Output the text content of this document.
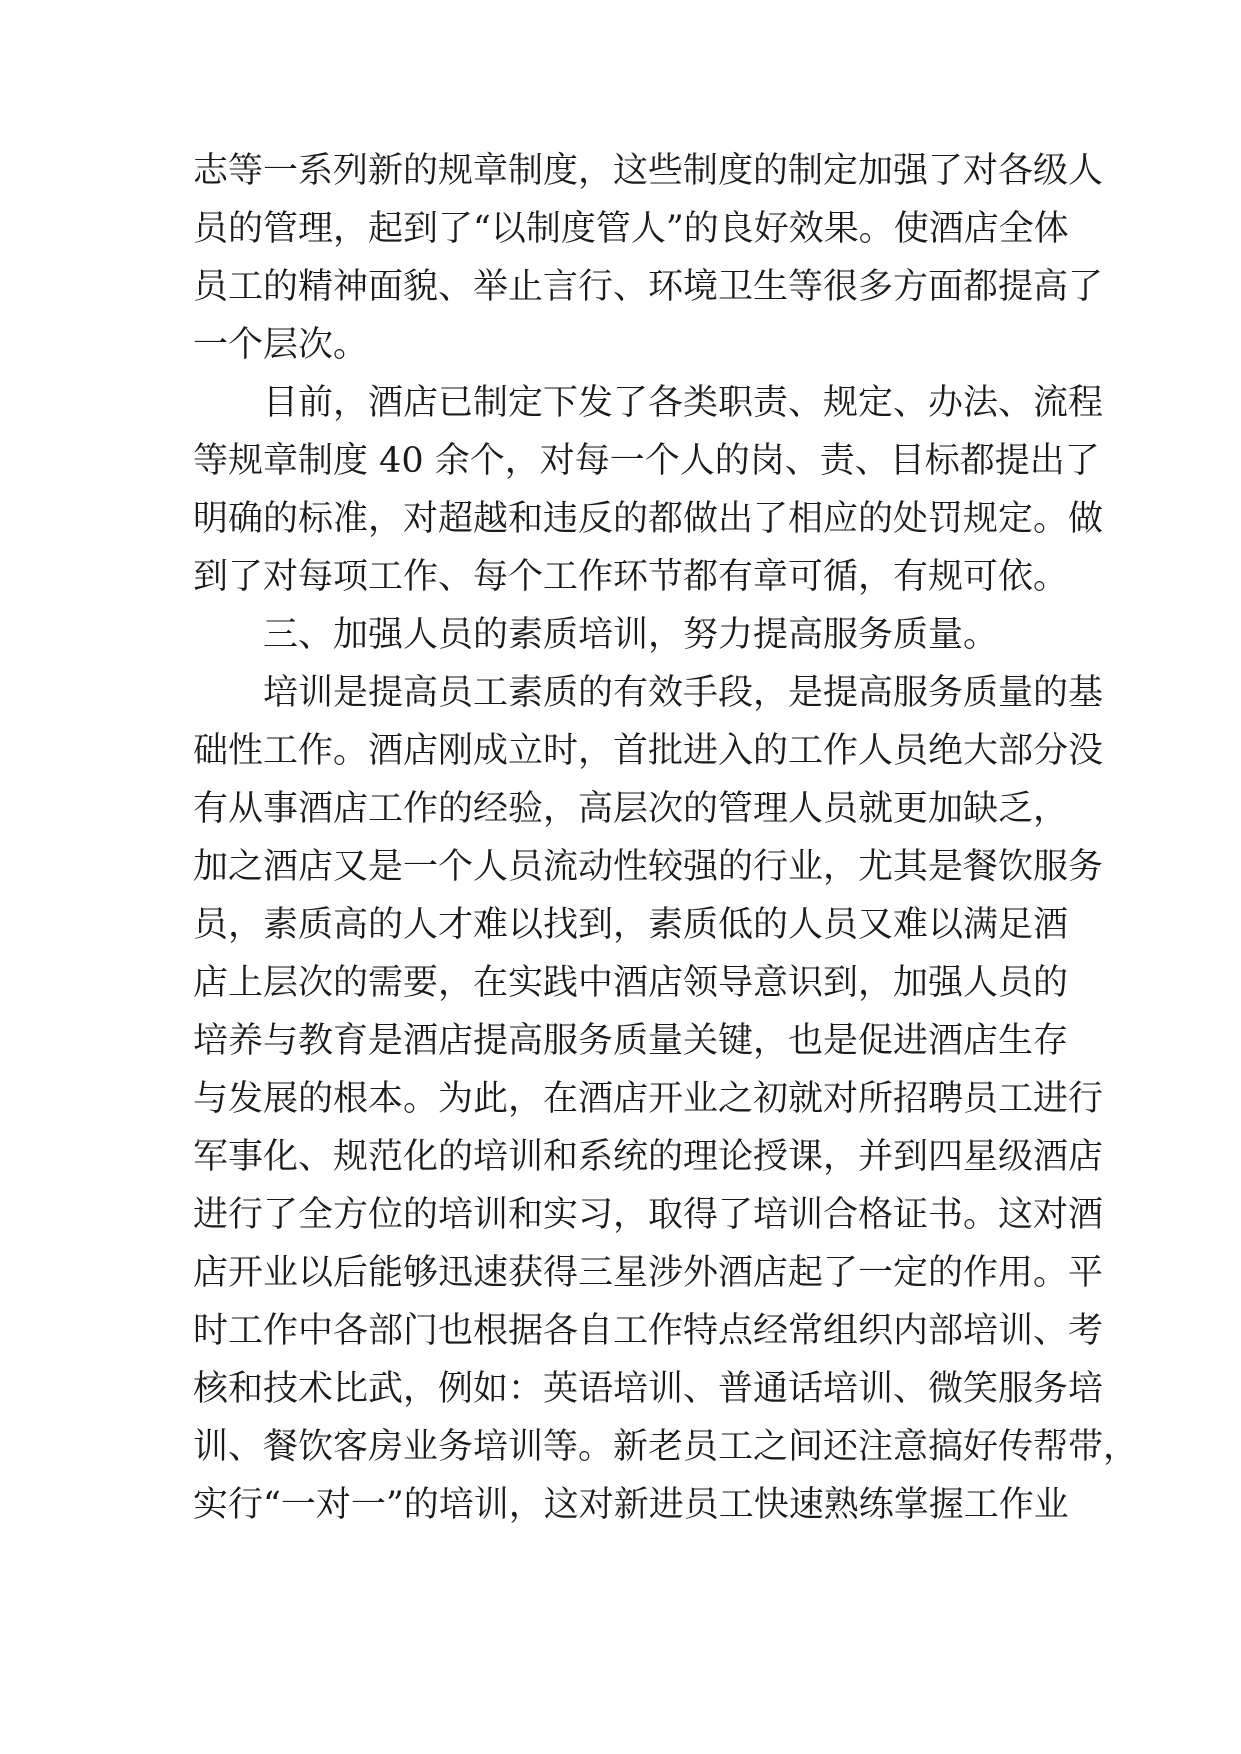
志等一系列新的规章制度，这些制度的制定加强了对各级人
员的管理，起到了“以制度管人”的良好效果。使酒店全体
员工的精神面貌、举止言行、环境卫生等很多方面都提高了
一个层次。
目前，酒店已制定下发了各类职责、规定、办法、流程
等规章制度 40 余个，对每一个人的岗、责、目标都提出了
明确的标准，对超越和违反的都做出了相应的处罚规定。做
到了对每项工作、每个工作环节都有章可循，有规可依。
三、加强人员的素质培训，努力提高服务质量。
培训是提高员工素质的有效手段，是提高服务质量的基
础性工作。酒店刚成立时，首批进入的工作人员绝大部分没
有从事酒店工作的经验，高层次的管理人员就更加缺乏，
加之酒店又是一个人员流动性较强的行业，尤其是餐饮服务
员，素质高的人才难以找到，素质低的人员又难以满足酒
店上层次的需要，在实践中酒店领导意识到，加强人员的
培养与教育是酒店提高服务质量关键，也是促进酒店生存
与发展的根本。为此，在酒店开业之初就对所招聘员工进行
军事化、规范化的培训和系统的理论授课，并到四星级酒店
进行了全方位的培训和实习，取得了培训合格证书。这对酒
店开业以后能够迅速获得三星涉外酒店起了一定的作用。平
时工作中各部门也根据各自工作特点经常组织内部培训、考
核和技术比武，例如：英语培训、普通话培训、微笑服务培
训、餐饮客房业务培训等。新老员工之间还注意搞好传帮带，
实行“一对一”的培训，这对新进员工快速熟练掌握工作业
